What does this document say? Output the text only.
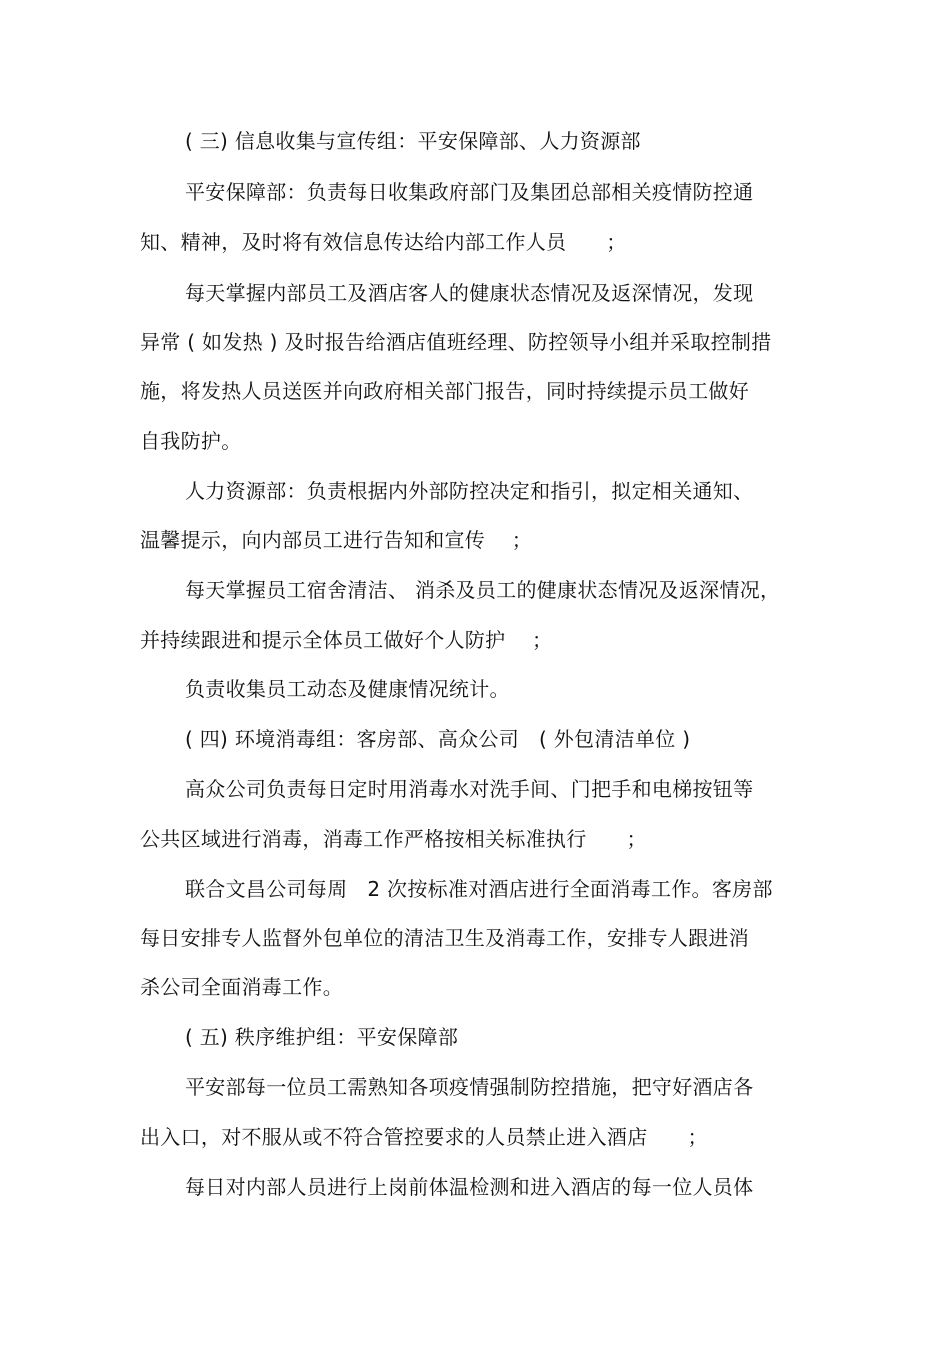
( 三) 信息收集与宣传组：平安保障部、人力资源部
平安保障部：负责每日收集政府部门及集团总部相关疫情防控通
知、精神，及时将有效信息传达给内部工作人员      ；
每天掌握内部员工及酒店客人的健康状态情况及返深情况，发现
异常 ( 如发热 ) 及时报告给酒店值班经理、防控领导小组并采取控制措
施，将发热人员送医并向政府相关部门报告，同时持续提示员工做好
自我防护。
人力资源部：负责根据内外部防控决定和指引，拟定相关通知、
温馨提示，向内部员工进行告知和宣传    ；
每天掌握员工宿舍清洁、 消杀及员工的健康状态情况及返深情况，
并持续跟进和提示全体员工做好个人防护    ；
负责收集员工动态及健康情况统计。
( 四) 环境消毒组：客房部、高众公司   ( 外包清洁单位 )
高众公司负责每日定时用消毒水对洗手间、门把手和电梯按钮等
公共区域进行消毒，消毒工作严格按相关标准执行      ；
联合文昌公司每周   2 次按标准对酒店进行全面消毒工作。客房部
每日安排专人监督外包单位的清洁卫生及消毒工作，安排专人跟进消
杀公司全面消毒工作。
( 五) 秩序维护组：平安保障部
平安部每一位员工需熟知各项疫情强制防控措施，把守好酒店各
出入口，对不服从或不符合管控要求的人员禁止进入酒店      ；
每日对内部人员进行上岗前体温检测和进入酒店的每一位人员体
